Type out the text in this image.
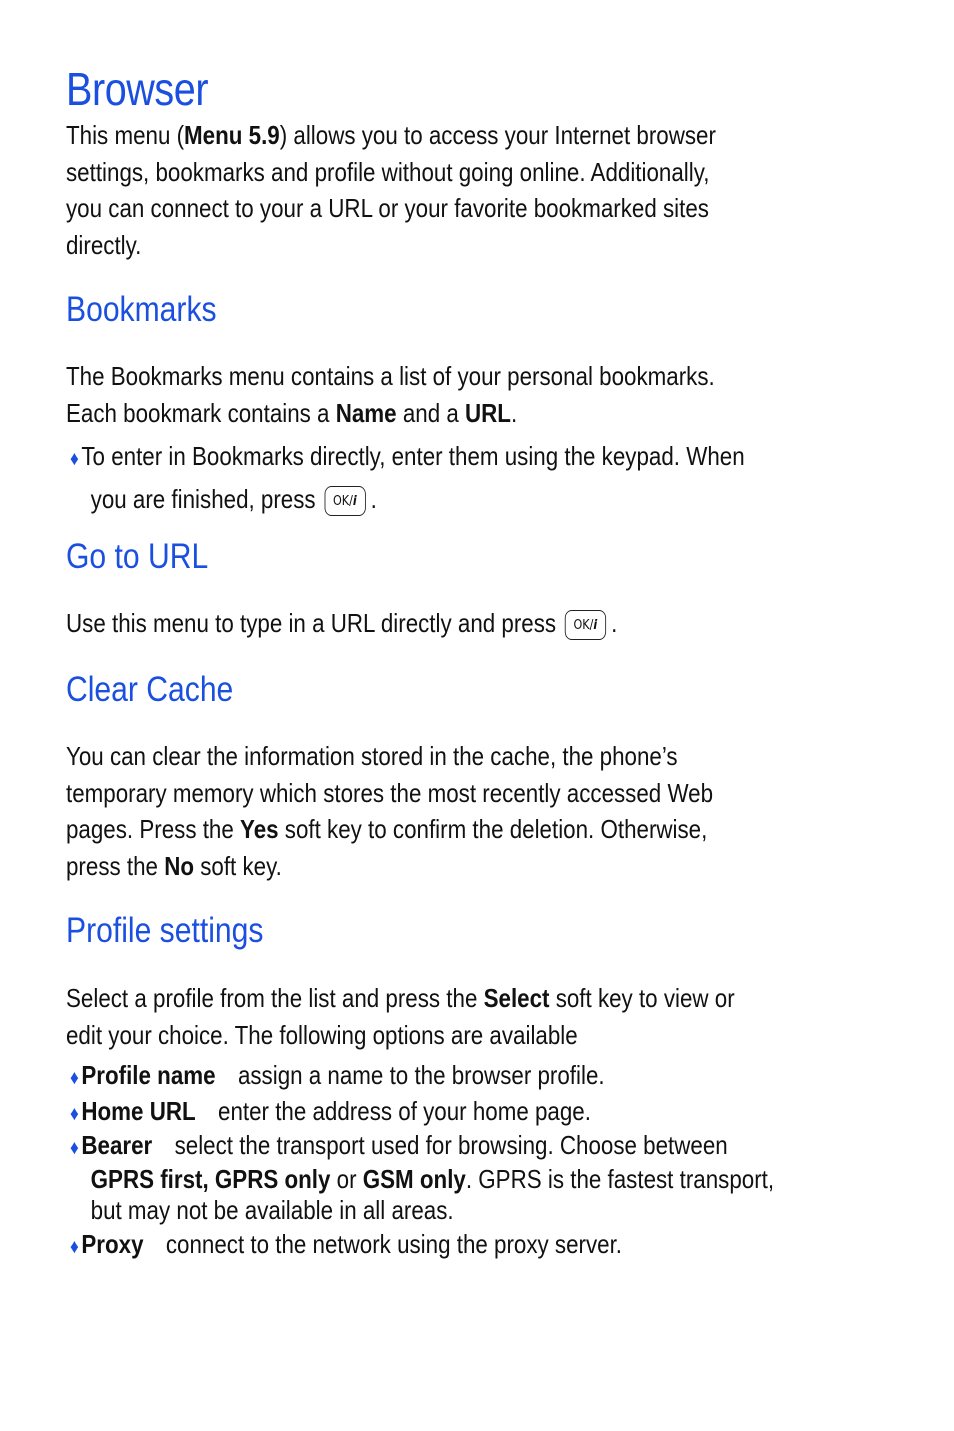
Browser

This menu (Menu 5.9) allows you to access your Internet browser
settings, bookmarks and profile without going online. Additionally,
you can connect to your a URL or your favorite bookmarked sites
directly.

Bookmarks

The Bookmarks menu contains a list of your personal bookmarks.
Each bookmark contains a Name and a URL.

♦To enter in Bookmarks directly, enter them using the keypad. When
you are finished, press OK/i .

Go to URL

Use this menu to type in a URL directly and press OK/i .

Clear Cache

You can clear the information stored in the cache, the phone’s
temporary memory which stores the most recently accessed Web
pages. Press the Yes soft key to confirm the deletion. Otherwise,
press the No soft key.

Profile settings

Select a profile from the list and press the Select soft key to view or
edit your choice. The following options are available

♦Profile name assign a name to the browser profile.

♦Home URL enter the address of your home page.

♦Bearer select the transport used for browsing. Choose between
GPRS first, GPRS only or GSM only. GPRS is the fastest transport,
but may not be available in all areas.

♦Proxy connect to the network using the proxy server.
